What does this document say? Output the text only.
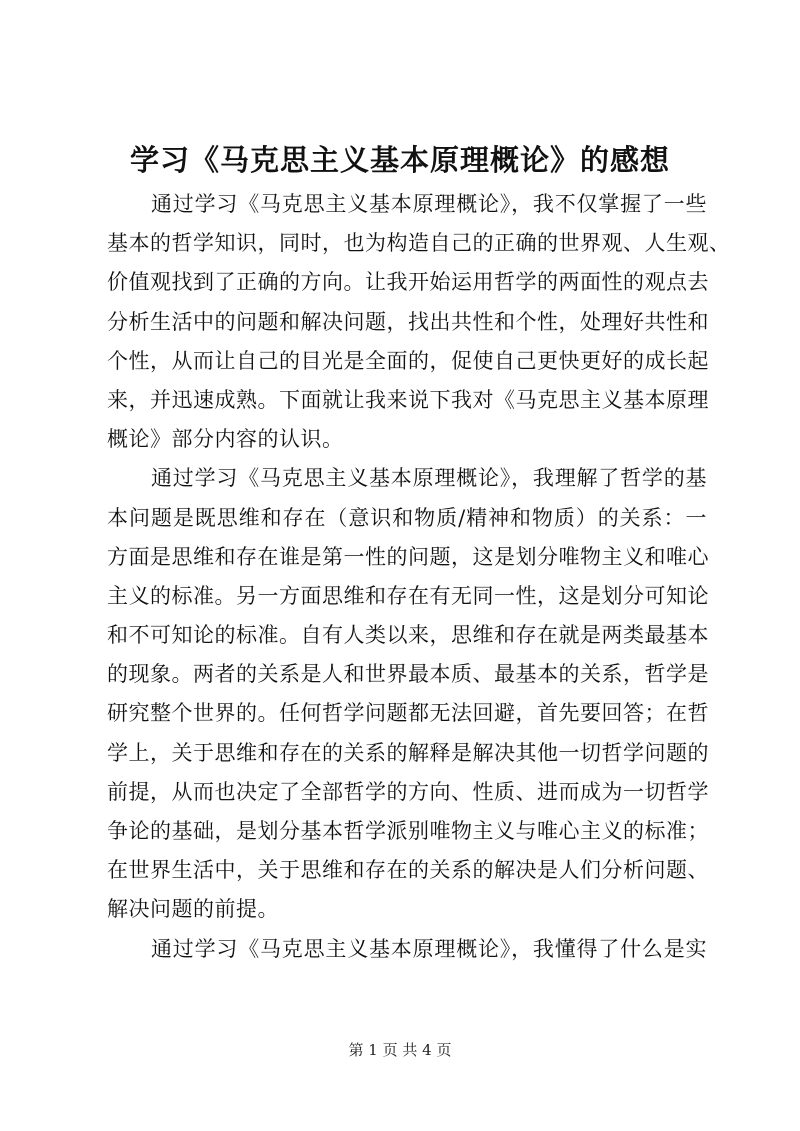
学习《马克思主义基本原理概论》的感想
通过学习《马克思主义基本原理概论》，我不仅掌握了一些
基本的哲学知识，同时，也为构造自己的正确的世界观、人生观、
价值观找到了正确的方向。让我开始运用哲学的两面性的观点去
分析生活中的问题和解决问题，找出共性和个性，处理好共性和
个性，从而让自己的目光是全面的，促使自己更快更好的成长起
来，并迅速成熟。下面就让我来说下我对《马克思主义基本原理
概论》部分内容的认识。
通过学习《马克思主义基本原理概论》，我理解了哲学的基
本问题是既思维和存在（意识和物质/精神和物质）的关系：一
方面是思维和存在谁是第一性的问题，这是划分唯物主义和唯心
主义的标准。另一方面思维和存在有无同一性，这是划分可知论
和不可知论的标准。自有人类以来，思维和存在就是两类最基本
的现象。两者的关系是人和世界最本质、最基本的关系，哲学是
研究整个世界的。任何哲学问题都无法回避，首先要回答；在哲
学上，关于思维和存在的关系的解释是解决其他一切哲学问题的
前提，从而也决定了全部哲学的方向、性质、进而成为一切哲学
争论的基础，是划分基本哲学派别唯物主义与唯心主义的标准；
在世界生活中，关于思维和存在的关系的解决是人们分析问题、
解决问题的前提。
通过学习《马克思主义基本原理概论》，我懂得了什么是实
第 1 页 共 4 页
